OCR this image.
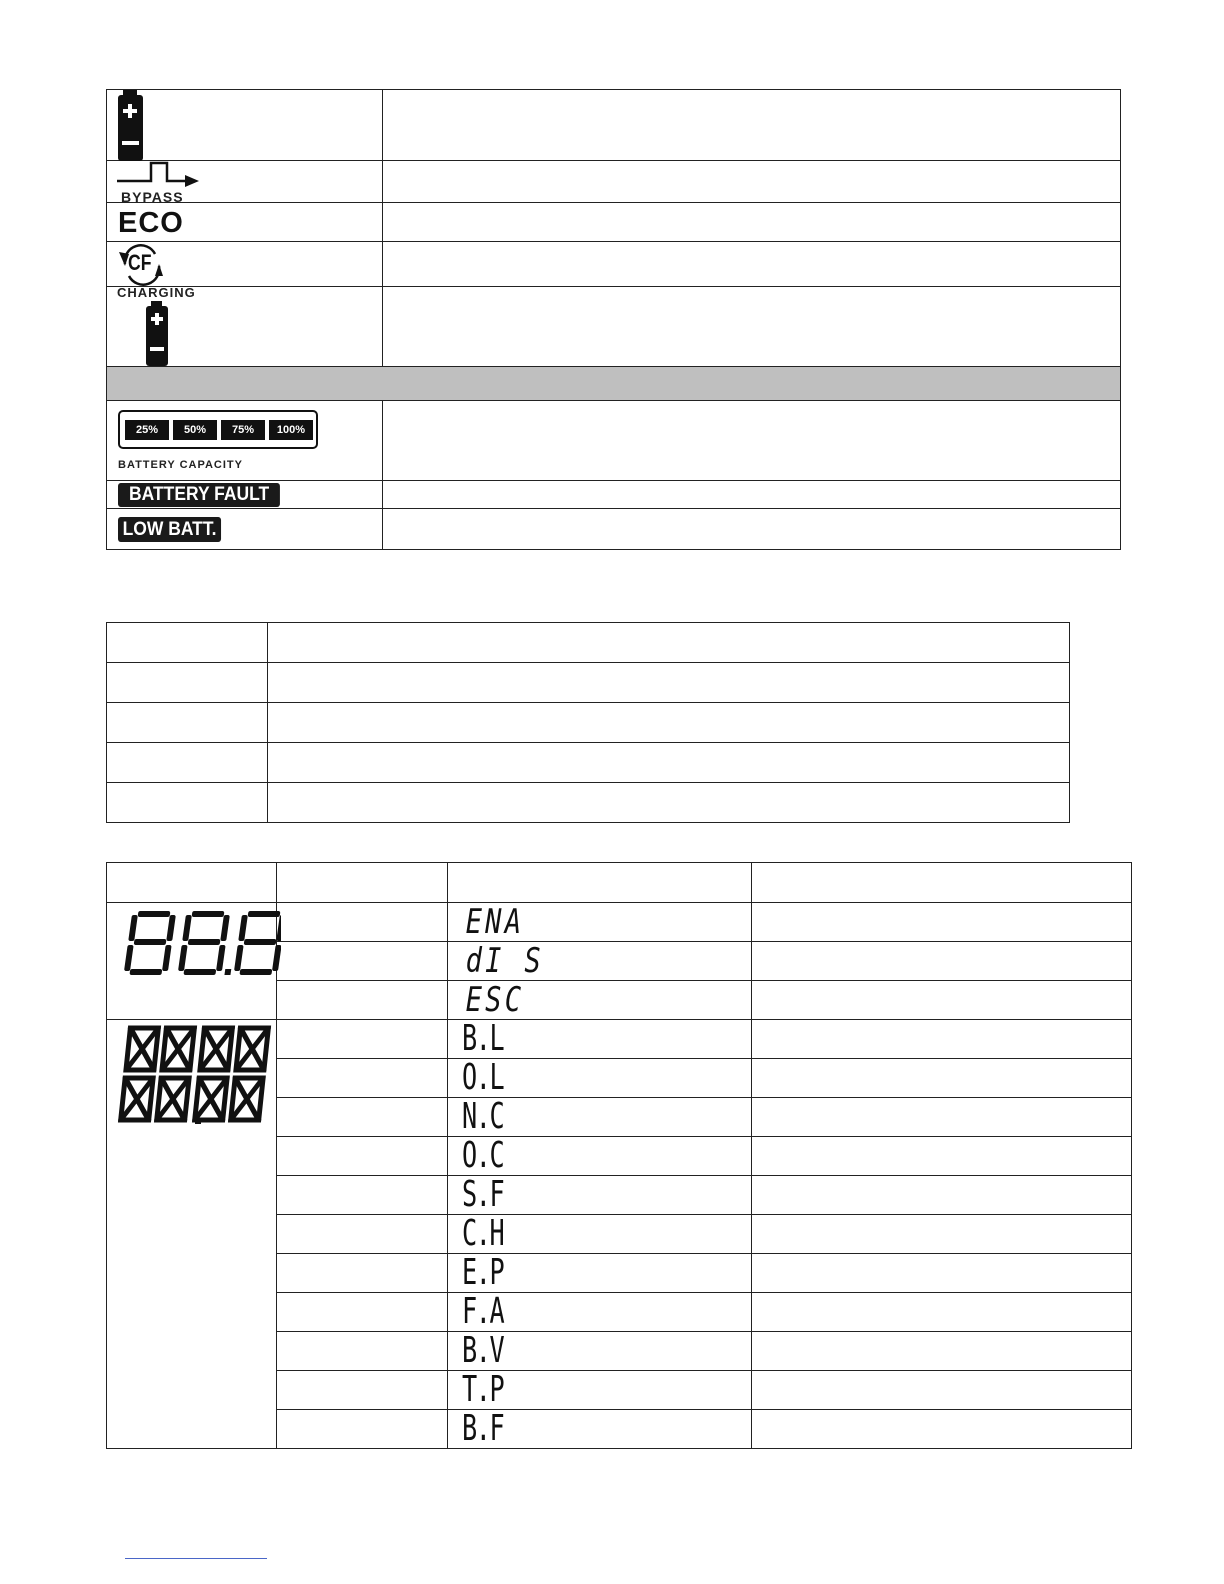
BYPASS	

ECO	

CF	

CHARGING	

25% 50% 75% 100%
BATTERY CAPACITY	

BATTERY FAULT	

LOW BATT.	

		ENA	
		dI S	
		ESC	

		B.L	
		O.L	
		N.C	
		O.C	
		S.F	
		C.H	
		E.P	
		F.A	
		B.V	
		T.P	
		B.F	
